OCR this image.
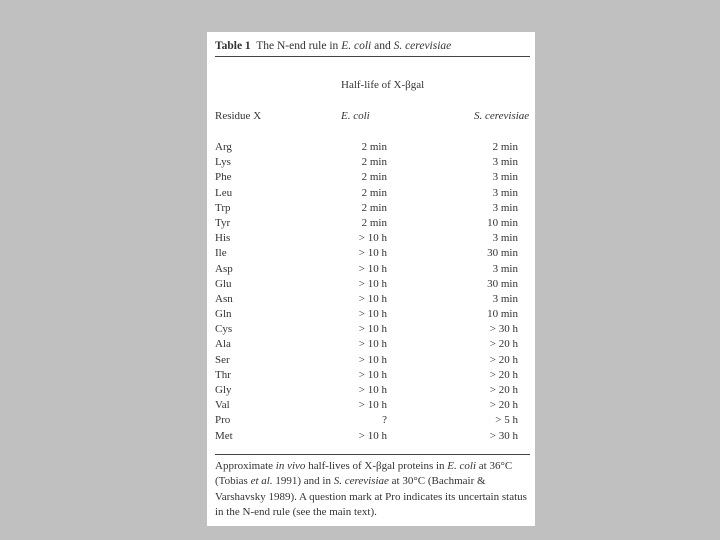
Table 1 The N-end rule in E. coli and S. cerevisiae
Half-life of X-βgal
Residue X	E. coli	S. cerevisiae
Arg	2 min	2 min
Lys	2 min	3 min
Phe	2 min	3 min
Leu	2 min	3 min
Trp	2 min	3 min
Tyr	2 min	10 min
His	> 10 h	3 min
Ile	> 10 h	30 min
Asp	> 10 h	3 min
Glu	> 10 h	30 min
Asn	> 10 h	3 min
Gln	> 10 h	10 min
Cys	> 10 h	> 30 h
Ala	> 10 h	> 20 h
Ser	> 10 h	> 20 h
Thr	> 10 h	> 20 h
Gly	> 10 h	> 20 h
Val	> 10 h	> 20 h
Pro	?	> 5 h
Met	> 10 h	> 30 h
Approximate in vivo half-lives of X-βgal proteins in E. coli at 36°C (Tobias et al. 1991) and in S. cerevisiae at 30°C (Bachmair & Varshavsky 1989). A question mark at Pro indicates its uncertain status in the N-end rule (see the main text).
